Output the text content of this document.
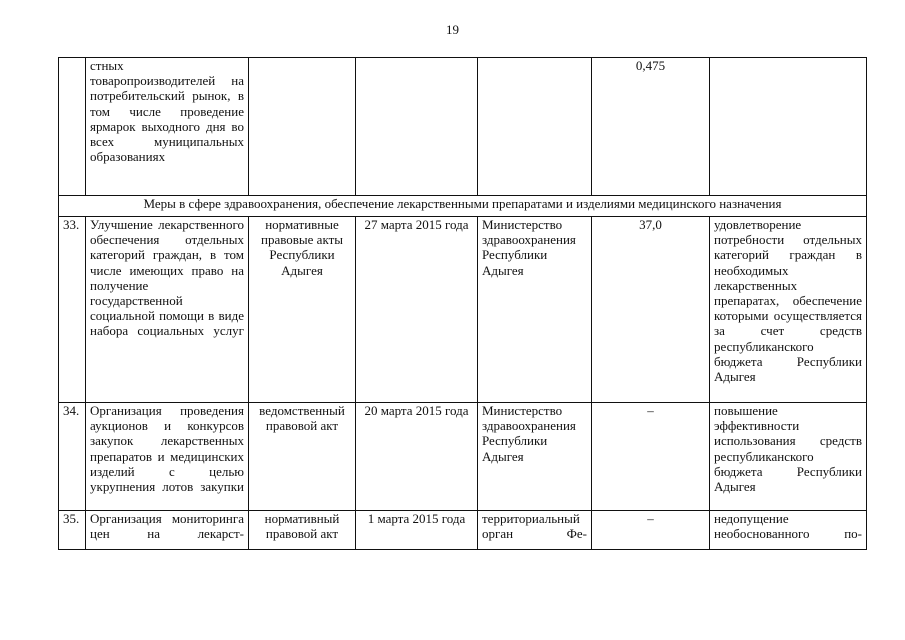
19
	стных товаропроизводителей на потребительский рынок, в том числе проведение ярмарок выходного дня во всех муниципальных образованиях				0,475	
Меры в сфере здравоохранения, обеспечение лекарственными препаратами и изделиями медицинского назначения						
33.	Улучшение лекарственного обеспечения отдельных категорий граждан, в том числе имеющих право на получение государственной социальной помощи в виде набора социальных услуг	нормативные правовые акты Республики Адыгея	27 марта 2015 года	Министерство здравоохранения Республики Адыгея	37,0	удовлетворение потребности отдельных категорий граждан в необходимых лекарственных препаратах, обеспечение которыми осуществляется за счет средств республиканского бюджета Республики Адыгея
34.	Организация проведения аукционов и конкурсов закупок лекарственных препаратов и медицинских изделий с целью укрупнения лотов закупки	ведомственный правовой акт	20 марта 2015 года	Министерство здравоохранения Республики Адыгея	–	повышение эффективности использования средств республиканского бюджета Республики Адыгея
35.	Организация мониторинга цен на лекарст-	нормативный правовой акт	1 марта 2015 года	территориальный орган Фе-	–	недопущение необоснованного по-
